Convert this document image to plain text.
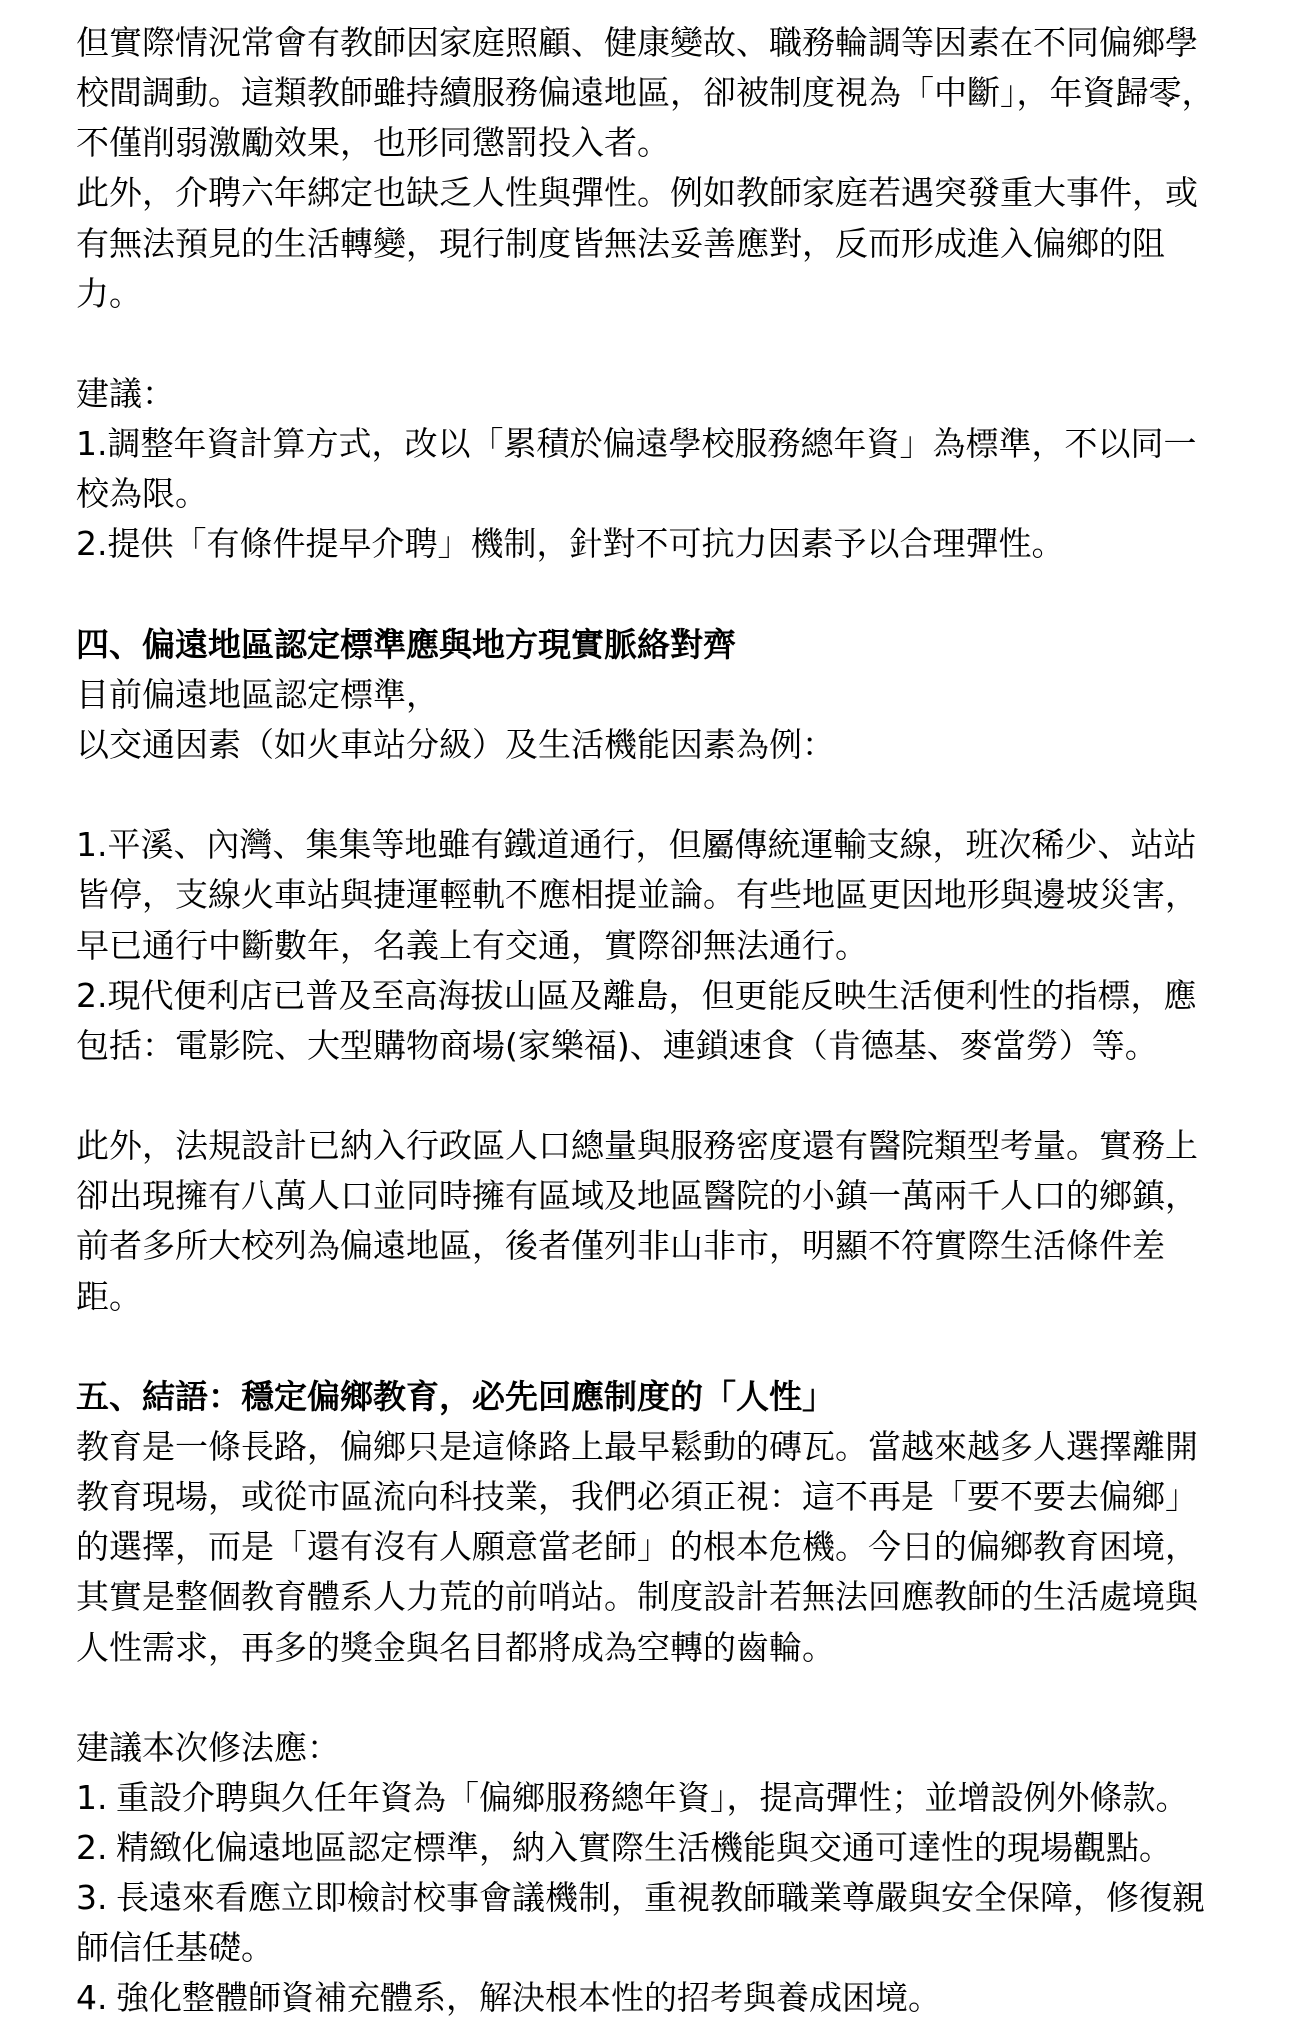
但實際情況常會有教師因家庭照顧、健康變故、職務輪調等因素在不同偏鄉學
校間調動。這類教師雖持續服務偏遠地區，卻被制度視為「中斷」，年資歸零，
不僅削弱激勵效果，也形同懲罰投入者。
此外，介聘六年綁定也缺乏人性與彈性。例如教師家庭若遇突發重大事件，或
有無法預見的生活轉變，現行制度皆無法妥善應對，反而形成進入偏鄉的阻
力。
建議：
1.調整年資計算方式，改以「累積於偏遠學校服務總年資」為標準，不以同一
校為限。
2.提供「有條件提早介聘」機制，針對不可抗力因素予以合理彈性。
四、偏遠地區認定標準應與地方現實脈絡對齊
目前偏遠地區認定標準，
以交通因素（如火車站分級）及生活機能因素為例：
1.平溪、內灣、集集等地雖有鐵道通行，但屬傳統運輸支線，班次稀少、站站
皆停，支線火車站與捷運輕軌不應相提並論。有些地區更因地形與邊坡災害，
早已通行中斷數年，名義上有交通，實際卻無法通行。
2.現代便利店已普及至高海拔山區及離島，但更能反映生活便利性的指標，應
包括：電影院、大型購物商場(家樂福)、連鎖速食（肯德基、麥當勞）等。
此外，法規設計已納入行政區人口總量與服務密度還有醫院類型考量。實務上
卻出現擁有八萬人口並同時擁有區域及地區醫院的小鎮一萬兩千人口的鄉鎮，
前者多所大校列為偏遠地區，後者僅列非山非市，明顯不符實際生活條件差
距。
五、結語：穩定偏鄉教育，必先回應制度的「人性」
教育是一條長路，偏鄉只是這條路上最早鬆動的磚瓦。當越來越多人選擇離開
教育現場，或從市區流向科技業，我們必須正視：這不再是「要不要去偏鄉」
的選擇，而是「還有沒有人願意當老師」的根本危機。今日的偏鄉教育困境，
其實是整個教育體系人力荒的前哨站。制度設計若無法回應教師的生活處境與
人性需求，再多的獎金與名目都將成為空轉的齒輪。
建議本次修法應：
1. 重設介聘與久任年資為「偏鄉服務總年資」，提高彈性；並增設例外條款。
2. 精緻化偏遠地區認定標準，納入實際生活機能與交通可達性的現場觀點。
3. 長遠來看應立即檢討校事會議機制，重視教師職業尊嚴與安全保障，修復親
師信任基礎。
4. 強化整體師資補充體系，解決根本性的招考與養成困境。
